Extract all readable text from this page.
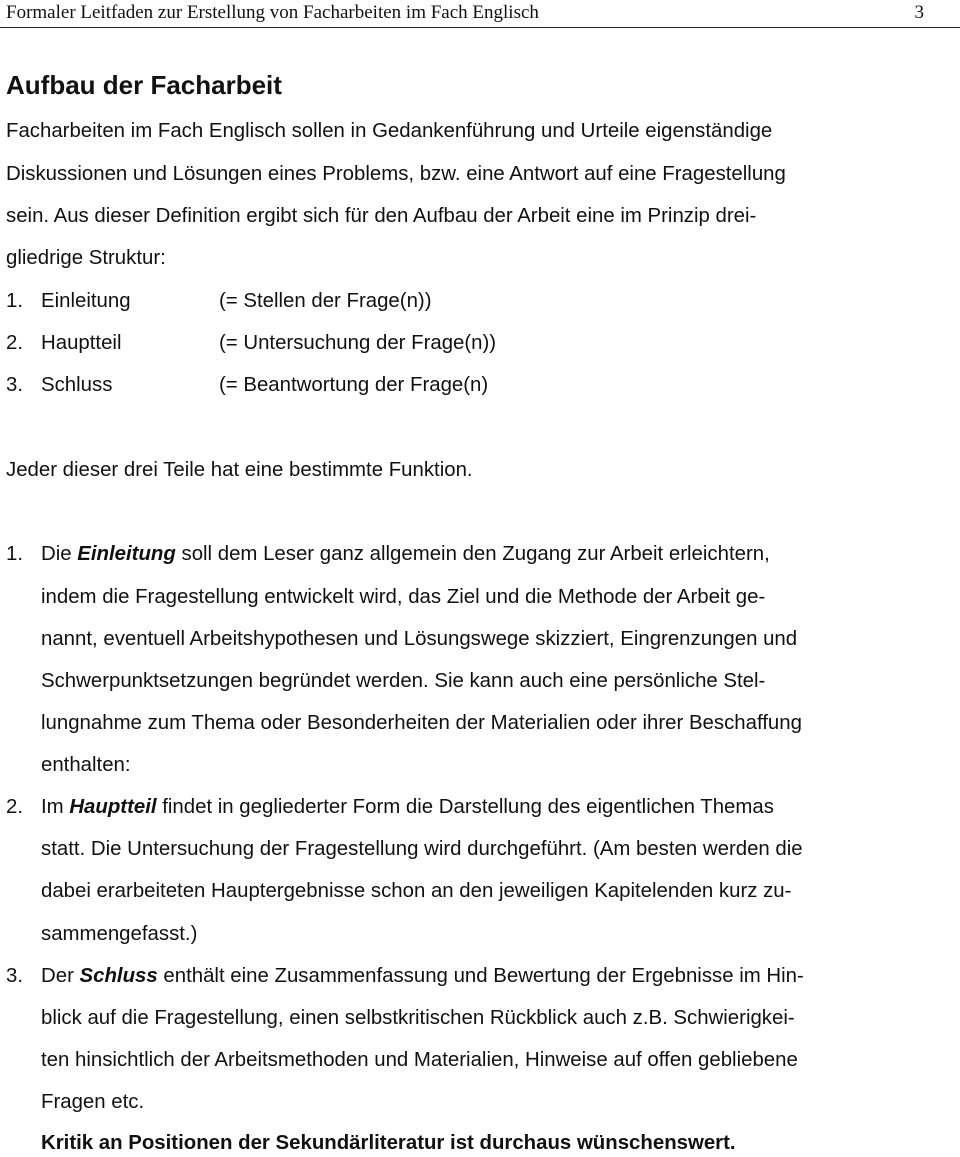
Formaler Leitfaden zur Erstellung von Facharbeiten im Fach Englisch	3
Aufbau der Facharbeit
Facharbeiten im Fach Englisch sollen in Gedankenführung und Urteile eigenständige
Diskussionen und Lösungen eines Problems, bzw. eine Antwort auf eine Fragestellung
sein. Aus dieser Definition ergibt sich für den Aufbau der Arbeit eine im Prinzip drei-
gliedrige Struktur:
1. Einleitung	(= Stellen der Frage(n))
2. Hauptteil	(= Untersuchung der Frage(n))
3. Schluss	(= Beantwortung der Frage(n)
Jeder dieser drei Teile hat eine bestimmte Funktion.
1. Die Einleitung soll dem Leser ganz allgemein den Zugang zur Arbeit erleichtern,
indem die Fragestellung entwickelt wird, das Ziel und die Methode der Arbeit ge-
nannt, eventuell Arbeitshypothesen und Lösungswege skizziert, Eingrenzungen und
Schwerpunktsetzungen begründet werden. Sie kann auch eine persönliche Stel-
lungnahme zum Thema oder Besonderheiten der Materialien oder ihrer Beschaffung
enthalten:
2. Im Hauptteil findet in gegliederter Form die Darstellung des eigentlichen Themas
statt. Die Untersuchung der Fragestellung wird durchgeführt. (Am besten werden die
dabei erarbeiteten Hauptergebnisse schon an den jeweiligen Kapitelenden kurz zu-
sammengefasst.)
3. Der Schluss enthält eine Zusammenfassung und Bewertung der Ergebnisse im Hin-
blick auf die Fragestellung, einen selbstkritischen Rückblick auch z.B. Schwierigkei-
ten hinsichtlich der Arbeitsmethoden und Materialien, Hinweise auf offen gebliebene
Fragen etc.
Kritik an Positionen der Sekundärliteratur ist durchaus wünschenswert.
